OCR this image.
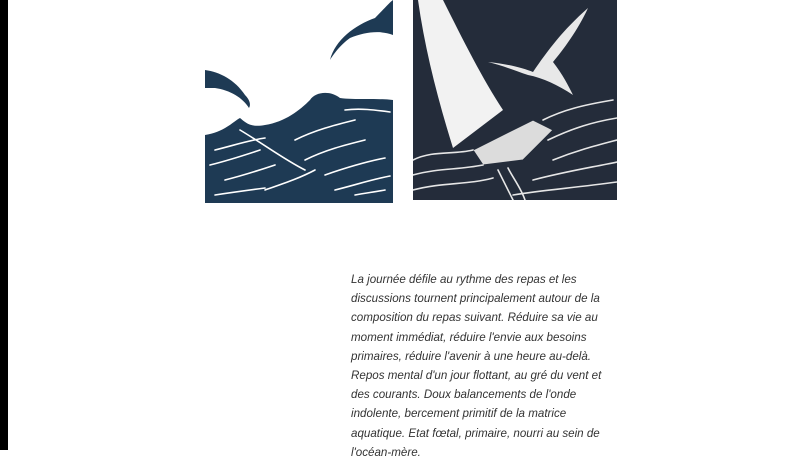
La journée défile au rythme des repas et les discussions tournent principalement autour de la composition du repas suivant. Réduire sa vie au moment immédiat, réduire l'envie aux besoins primaires, réduire l'avenir à une heure au-delà. Repos mental d'un jour flottant, au gré du vent et des courants. Doux balancements de l'onde indolente, bercement primitif de la matrice aquatique. Etat fœtal, primaire, nourri au sein de l'océan-mère.
